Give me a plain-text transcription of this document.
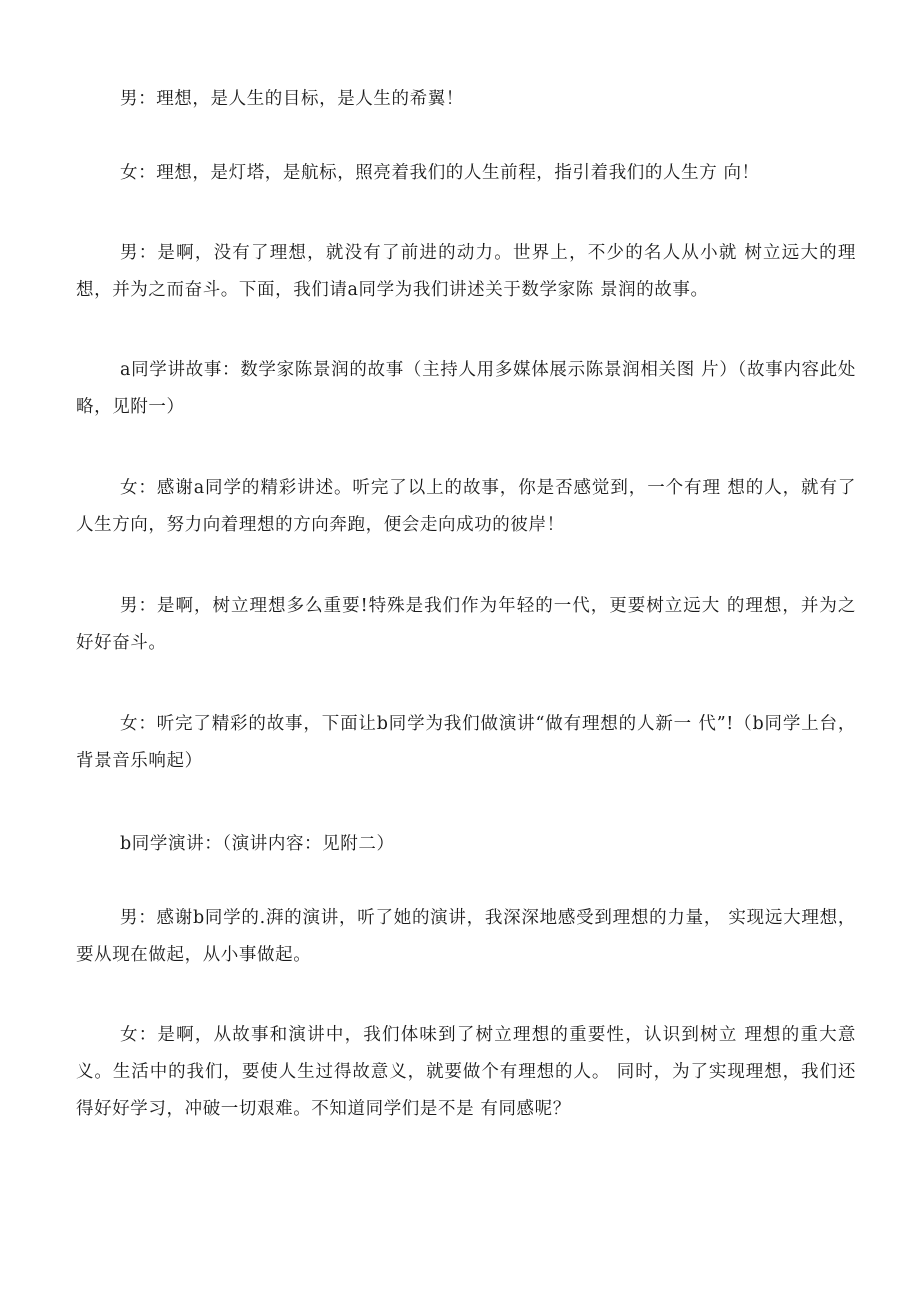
男：理想，是人生的目标，是人生的希翼！

女：理想，是灯塔，是航标，照亮着我们的人生前程，指引着我们的人生方 向！

男：是啊，没有了理想，就没有了前进的动力。世界上，不少的名人从小就 树立远大的理想，并为之而奋斗。下面，我们请a同学为我们讲述关于数学家陈 景润的故事。

a同学讲故事：数学家陈景润的故事（主持人用多媒体展示陈景润相关图 片）（故事内容此处略，见附一）

女：感谢a同学的精彩讲述。听完了以上的故事，你是否感觉到，一个有理 想的人，就有了人生方向，努力向着理想的方向奔跑，便会走向成功的彼岸！

男：是啊，树立理想多么重要!特殊是我们作为年轻的一代，更要树立远大 的理想，并为之好好奋斗。

女：听完了精彩的故事，下面让b同学为我们做演讲“做有理想的人新一 代”!（b同学上台，背景音乐响起）

b同学演讲：（演讲内容：见附二）

男：感谢b同学的.湃的演讲，听了她的演讲，我深深地感受到理想的力量， 实现远大理想，要从现在做起，从小事做起。

女：是啊，从故事和演讲中，我们体味到了树立理想的重要性，认识到树立 理想的重大意义。生活中的我们，要使人生过得故意义，就要做个有理想的人。 同时，为了实现理想，我们还得好好学习，冲破一切艰难。不知道同学们是不是 有同感呢？
